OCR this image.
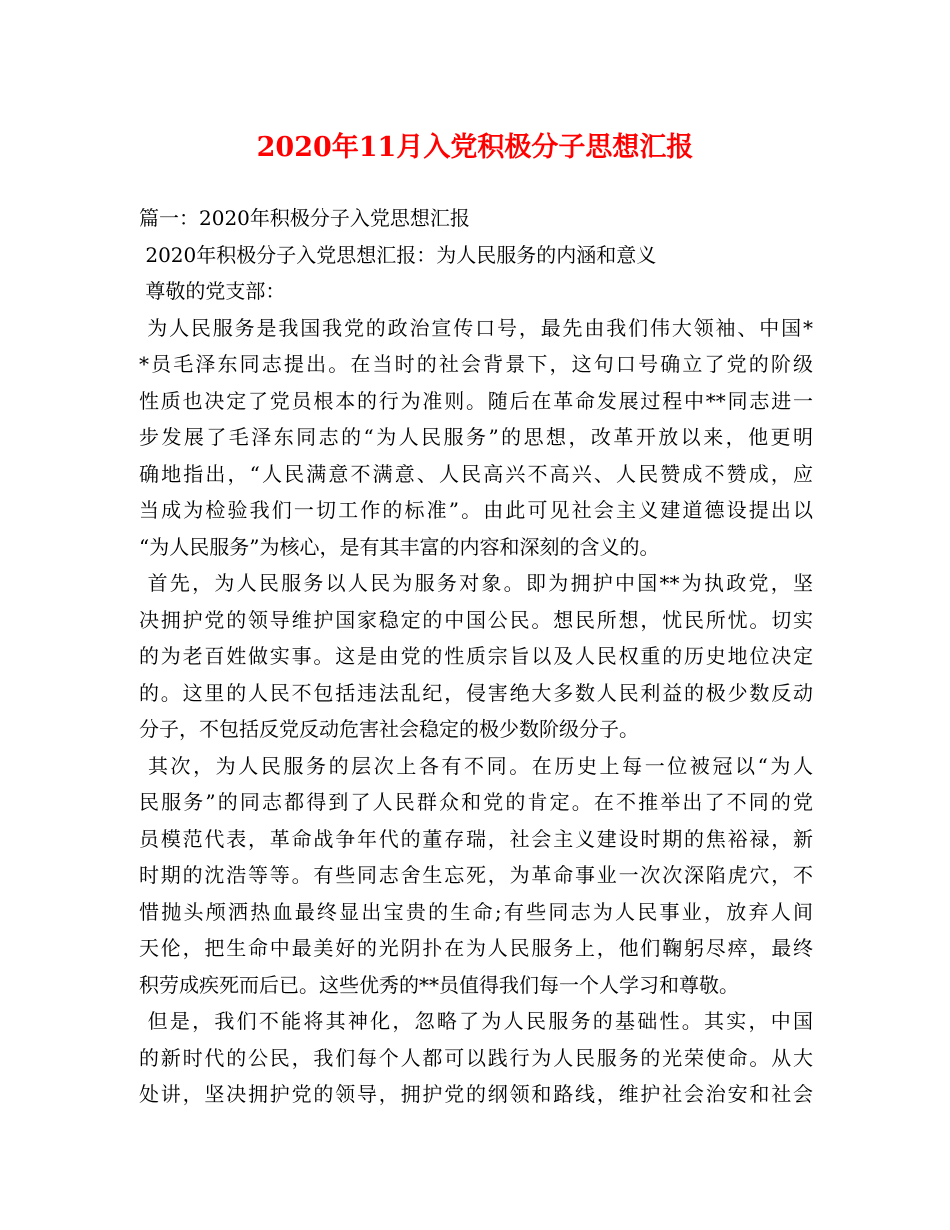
2020年11月入党积极分子思想汇报
篇一：2020年积极分子入党思想汇报
2020年积极分子入党思想汇报：为人民服务的内涵和意义
尊敬的党支部：
为人民服务是我国我党的政治宣传口号，最先由我们伟大领袖、中国*
*员毛泽东同志提出。在当时的社会背景下，这句口号确立了党的阶级
性质也决定了党员根本的行为准则。随后在革命发展过程中**同志进一
步发展了毛泽东同志的“为人民服务”的思想，改革开放以来，他更明
确地指出，“人民满意不满意、人民高兴不高兴、人民赞成不赞成，应
当成为检验我们一切工作的标准”。由此可见社会主义建道德设提出以
“为人民服务”为核心，是有其丰富的内容和深刻的含义的。
首先，为人民服务以人民为服务对象。即为拥护中国**为执政党，坚
决拥护党的领导维护国家稳定的中国公民。想民所想，忧民所忧。切实
的为老百姓做实事。这是由党的性质宗旨以及人民权重的历史地位决定
的。这里的人民不包括违法乱纪，侵害绝大多数人民利益的极少数反动
分子，不包括反党反动危害社会稳定的极少数阶级分子。
其次，为人民服务的层次上各有不同。在历史上每一位被冠以“为人
民服务”的同志都得到了人民群众和党的肯定。在不推举出了不同的党
员模范代表，革命战争年代的董存瑞，社会主义建设时期的焦裕禄，新
时期的沈浩等等。有些同志舍生忘死，为革命事业一次次深陷虎穴，不
惜抛头颅洒热血最终显出宝贵的生命;有些同志为人民事业，放弃人间
天伦，把生命中最美好的光阴扑在为人民服务上，他们鞠躬尽瘁，最终
积劳成疾死而后已。这些优秀的**员值得我们每一个人学习和尊敬。
但是，我们不能将其神化，忽略了为人民服务的基础性。其实，中国
的新时代的公民，我们每个人都可以践行为人民服务的光荣使命。从大
处讲，坚决拥护党的领导，拥护党的纲领和路线，维护社会治安和社会
